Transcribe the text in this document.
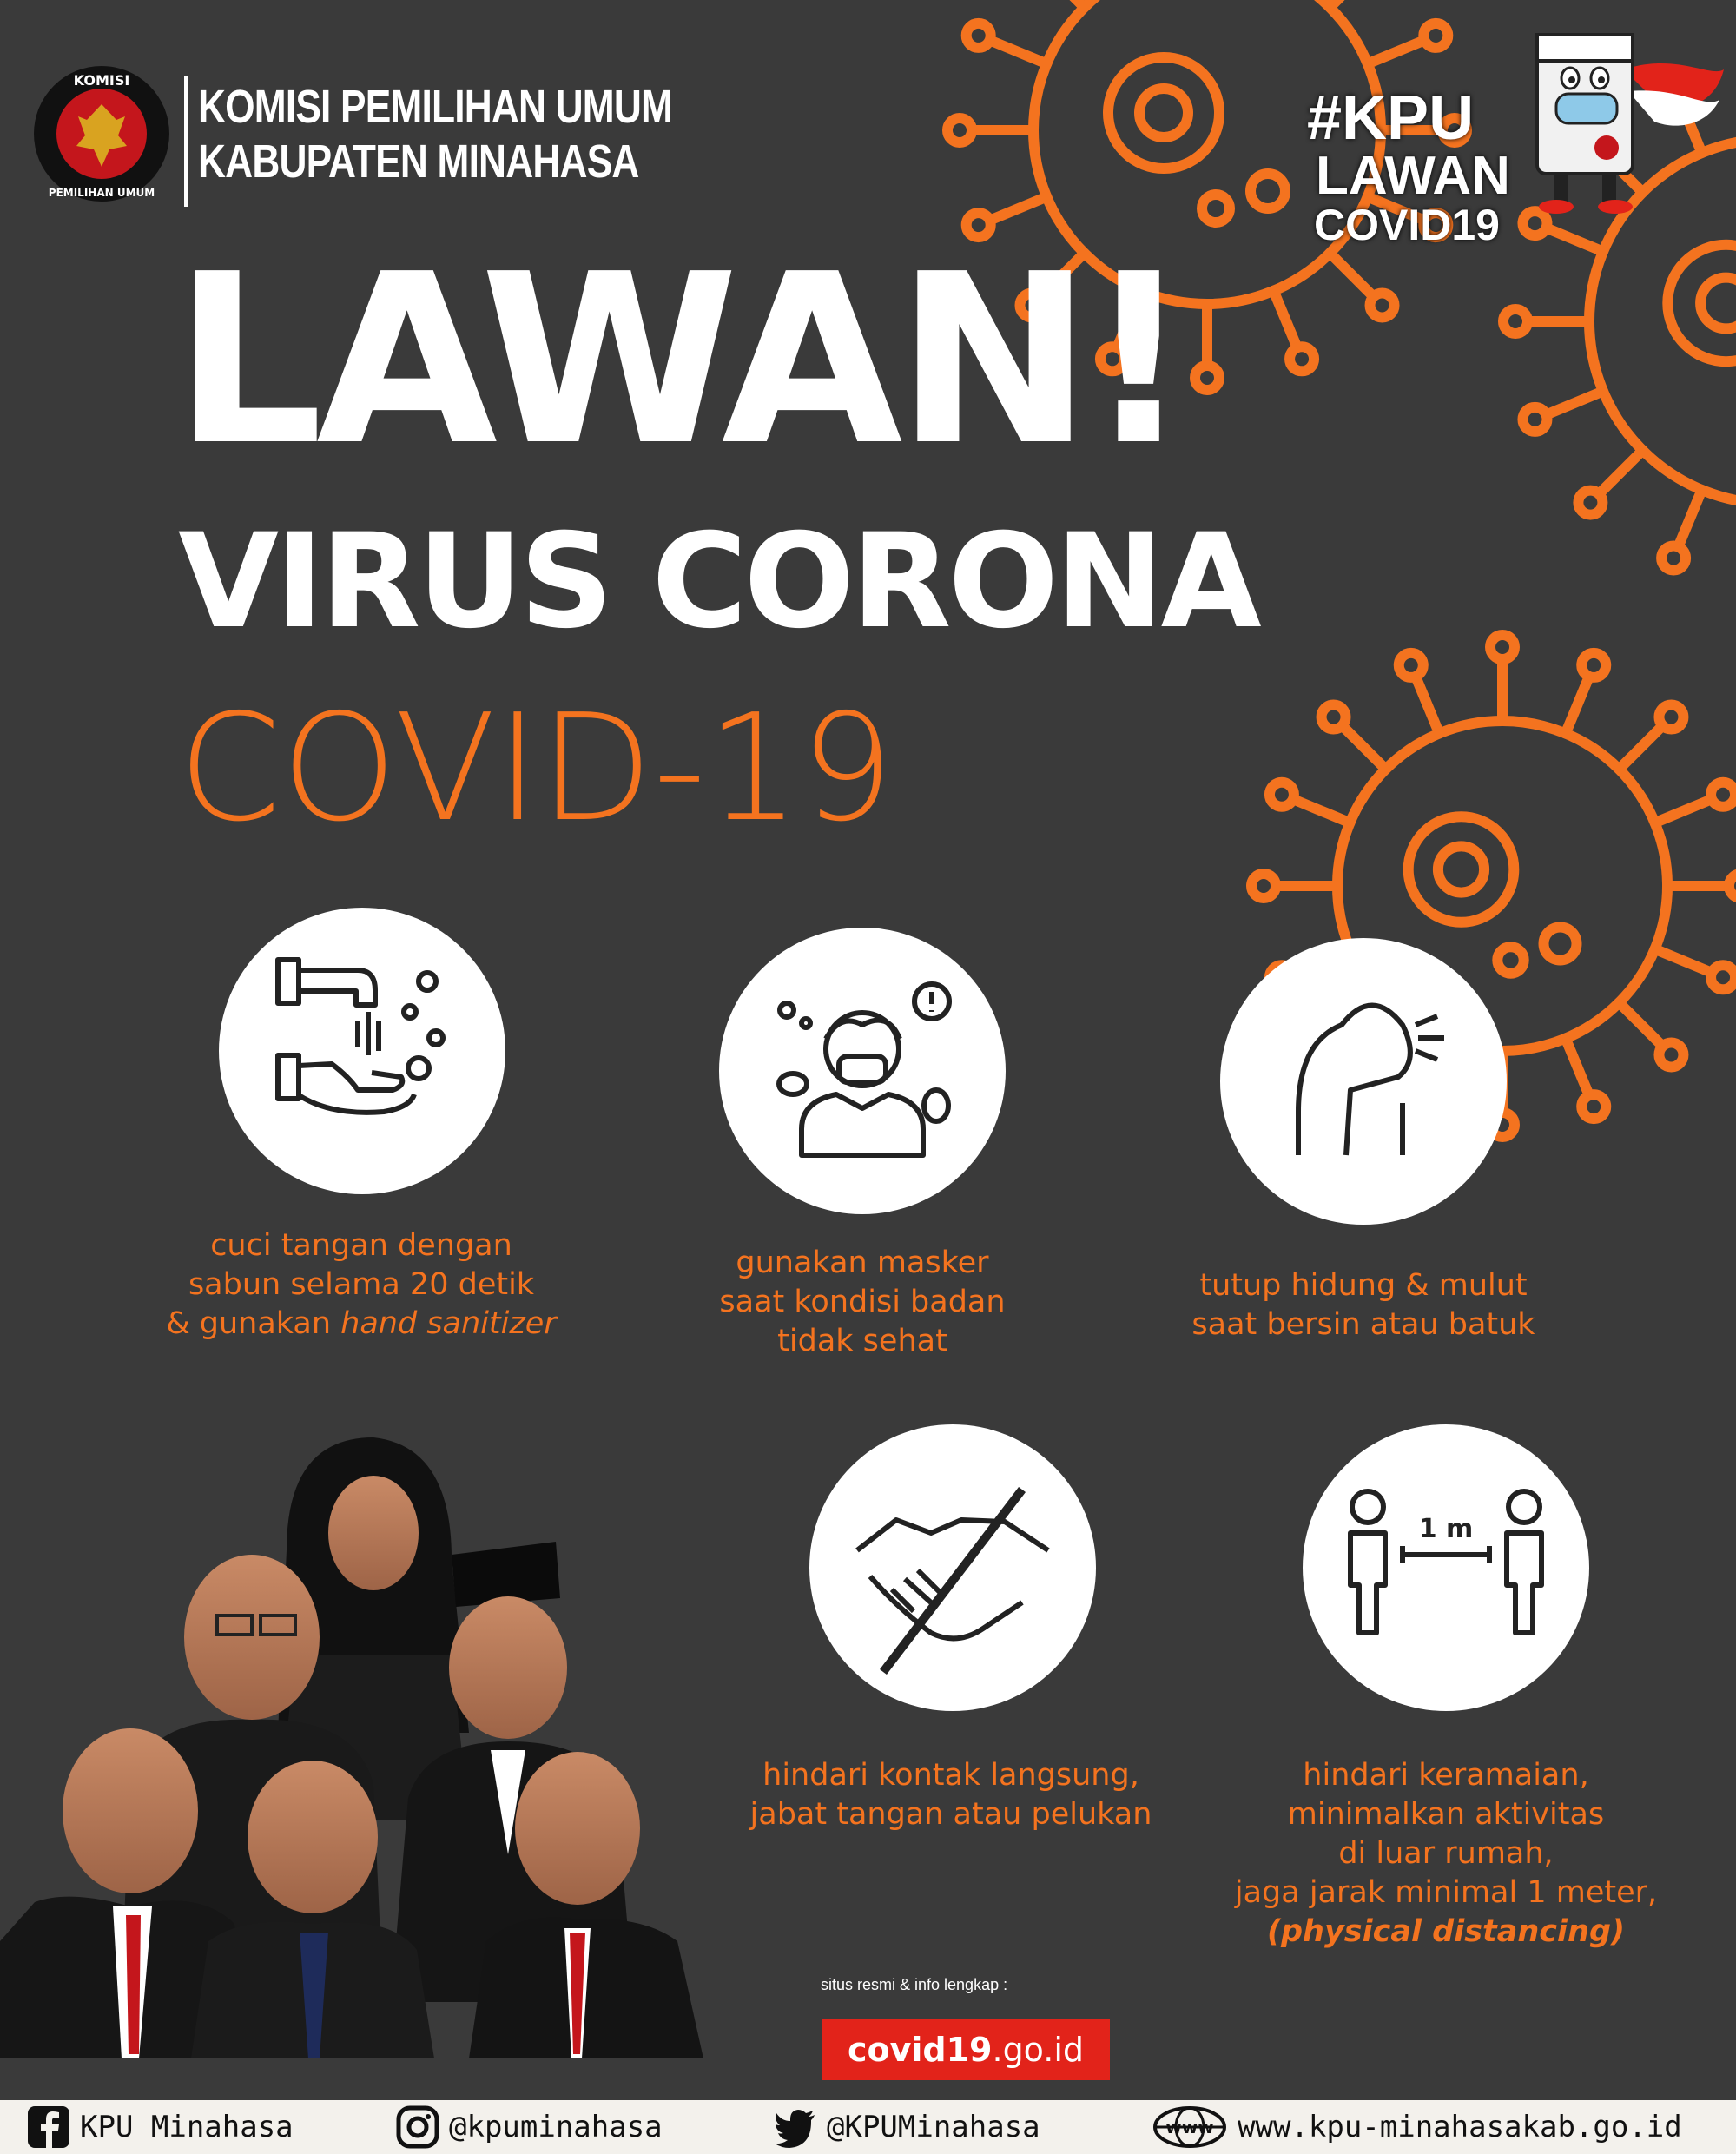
KOMISI
PEMILIHAN UMUM
KOMISI PEMILIHAN UMUM
KABUPATEN MINAHASA
#KPU
LAWAN
COVID19
LAWAN!
VIRUS CORONA
COVID-19
cuci tangan dengan
sabun selama 20 detik
& gunakan hand sanitizer
gunakan masker
saat kondisi badan
tidak sehat
tutup hidung & mulut
saat bersin atau batuk
hindari kontak langsung,
jabat tangan atau pelukan
1 m
hindari keramaian,
minimalkan aktivitas
di luar rumah,
jaga jarak minimal 1 meter,
(physical distancing)
situs resmi & info lengkap :
covid19.go.id
KPU Minahasa	@kpuminahasa	@KPUMinahasa	www www.kpu-minahasakab.go.id
